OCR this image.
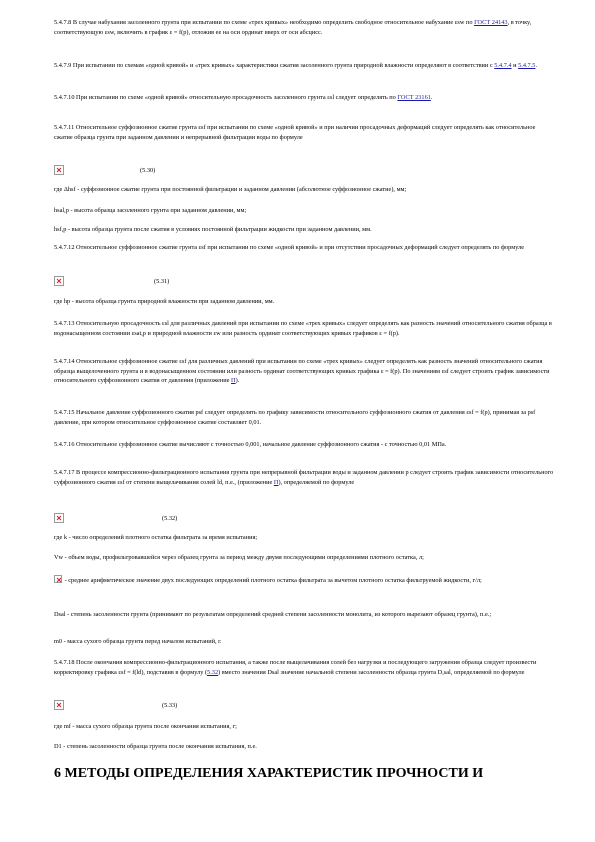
5.4.7.8 В случае набухания засоленного грунта при испытании по схеме «трех кривых» необходимо определить свободное относительное набухание εsw по ГОСТ 24143, в точку, соответствующую εsw, включить в график ε = f(p), отложив ее на оси ординат вверх от оси абсцисс.

5.4.7.9 При испытании по схемам «одной кривой» и «трех кривых» характеристики сжатия засоленного грунта природной влажности определяют в соответствии с 5.4.7.4 и 5.4.7.5.

5.4.7.10 При испытании по схеме «одной кривой» относительную просадочность засоленного грунта εsl следует определять по ГОСТ 23161.

5.4.7.11 Относительное суффозионное сжатие грунта εsf при испытании по схеме «одной кривой» и при наличии просадочных деформаций следует определять как относительное сжатие образца грунта при заданном давлении и непрерывной фильтрации воды по формуле

(5.30)

где Δhsf - суффозионное сжатие грунта при постоянной фильтрации и заданном давлении (абсолютное суффозионное сжатие), мм;

hsal,p - высота образца засоленного грунта при заданном давлении, мм;

hsf,p - высота образца грунта после сжатия в условиях постоянной фильтрации жидкости при заданном давлении, мм.

5.4.7.12 Относительное суффозионное сжатие грунта εsf при испытании по схеме «одной кривой» и при отсутствии просадочных деформаций следует определять по формуле

(5.31)

где hp - высота образца грунта природной влажности при заданном давлении, мм.

5.4.7.13 Относительную просадочность εsl для различных давлений при испытании по схеме «трех кривых» следует определять как разность значений относительного сжатия образца в водонасыщенном состоянии εsat,p и природной влажности εw или разность ординат соответствующих кривых графиков ε = f(p).

5.4.7.14 Относительное суффозионное сжатие εsf для различных давлений при испытании по схеме «трех кривых» следует определять как разность значений относительного сжатия образца выщелоченного грунта и в водонасыщенном состоянии или разность ординат соответствующих кривых графика ε = f(p). По значениям εsf следует строить график зависимости относительного суффозионного сжатия от давления (приложение П).

5.4.7.15 Начальное давление суффозионного сжатия psf следует определять по графику зависимости относительного суффозионного сжатия от давления εsf = f(p), принимая за psf давление, при котором относительное суффозионное сжатие составляет 0,01.

5.4.7.16 Относительное суффозионное сжатие вычисляют с точностью 0,001, начальное давление суффозионного сжатия - с точностью 0,01 МПа.

5.4.7.17 В процессе компрессионно-фильтрационного испытания грунта при непрерывной фильтрации воды и заданном давлении p следует строить график зависимости относительного суффозионного сжатия εsf от степени выщелачивания солей ld, п.е., (приложение П), определяемой по формуле

(5.32)

где k - число определений плотного остатка фильтрата за время испытания;

Vw - объем воды, профильтровавшейся через образец грунта за период между двумя последующими определениями плотного остатка, л;

- среднее арифметическое значение двух последующих определений плотного остатка фильтрата за вычетом плотного остатка фильтруемой жидкости, г/л;

Dsal - степень засоленности грунта (принимают по результатам определений средней степени засоленности монолита, из которого вырезают образец грунта), п.е.;

m0 - масса сухого образца грунта перед началом испытаний, г.

5.4.7.18 После окончания компрессионно-фильтрационного испытания, а также после выщелачивания солей без нагрузки и последующего загружения образца следует произвести корректировку графика εsf = f(ld), подставив в формулу (5.32) вместо значения Dsal значение начальной степени засоленности образца грунта D,sal, определяемой по формуле

(5.33)

где mf - масса сухого образца грунта после окончания испытания, г;

D1 - степень засоленности образца грунта после окончания испытания, п.е.

6 МЕТОДЫ ОПРЕДЕЛЕНИЯ ХАРАКТЕРИСТИК ПРОЧНОСТИ И
